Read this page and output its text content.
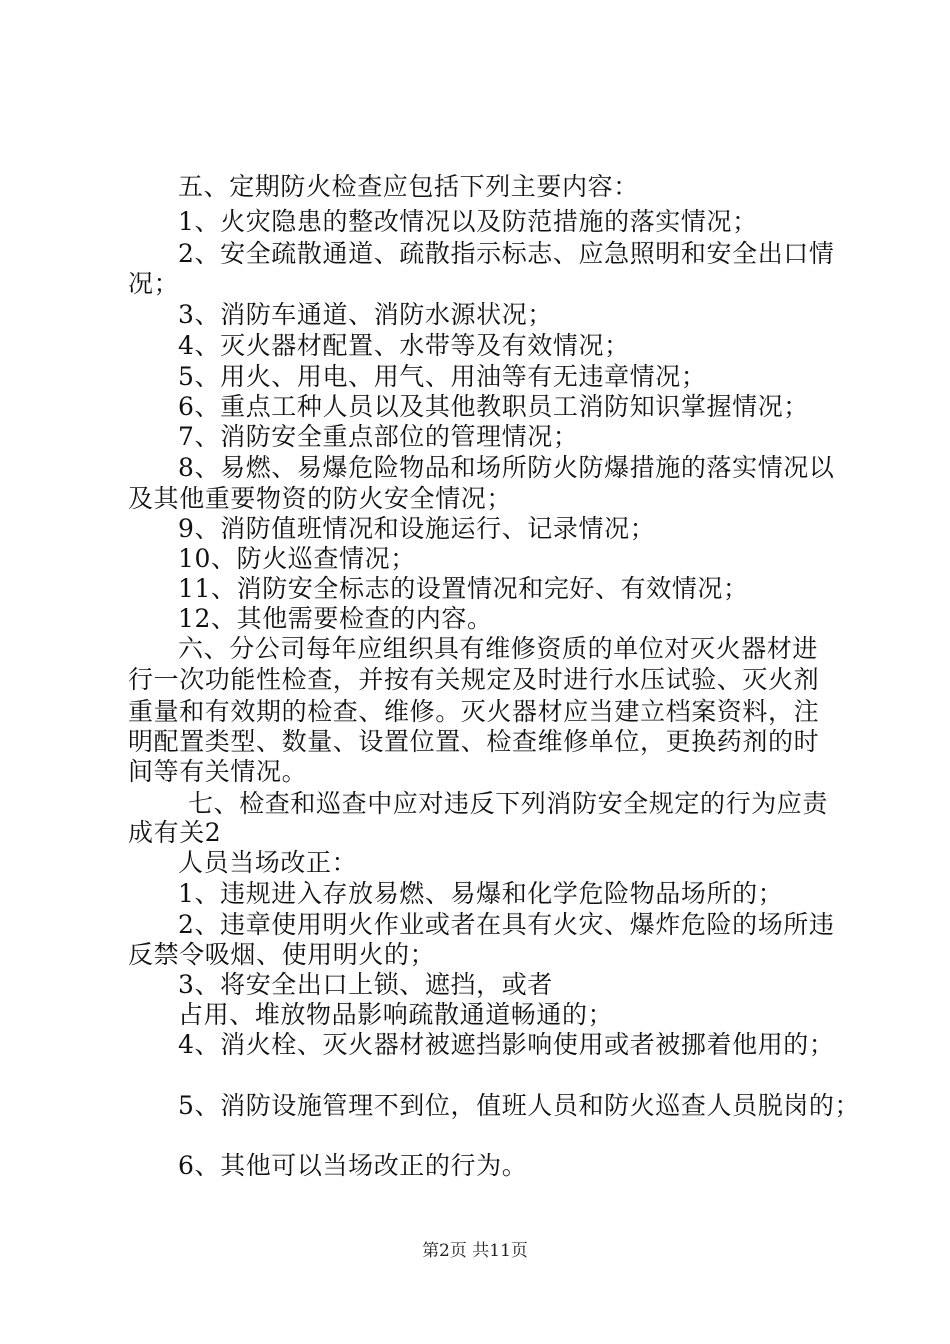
五、定期防火检查应包括下列主要内容：
1、火灾隐患的整改情况以及防范措施的落实情况；
2、安全疏散通道、疏散指示标志、应急照明和安全出口情
况；
3、消防车通道、消防水源状况；
4、灭火器材配置、水带等及有效情况；
5、用火、用电、用气、用油等有无违章情况；
6、重点工种人员以及其他教职员工消防知识掌握情况；
7、消防安全重点部位的管理情况；
8、易燃、易爆危险物品和场所防火防爆措施的落实情况以
及其他重要物资的防火安全情况；
9、消防值班情况和设施运行、记录情况；
10、防火巡查情况；
11、消防安全标志的设置情况和完好、有效情况；
12、其他需要检查的内容。
六、分公司每年应组织具有维修资质的单位对灭火器材进
行一次功能性检查，并按有关规定及时进行水压试验、灭火剂
重量和有效期的检查、维修。灭火器材应当建立档案资料，注
明配置类型、数量、设置位置、检查维修单位，更换药剂的时
间等有关情况。
七、检查和巡查中应对违反下列消防安全规定的行为应责
成有关2
人员当场改正：
1、违规进入存放易燃、易爆和化学危险物品场所的；
2、违章使用明火作业或者在具有火灾、爆炸危险的场所违
反禁令吸烟、使用明火的；
3、将安全出口上锁、遮挡，或者
占用、堆放物品影响疏散通道畅通的；
4、消火栓、灭火器材被遮挡影响使用或者被挪着他用的；
5、消防设施管理不到位，值班人员和防火巡查人员脱岗的；
6、其他可以当场改正的行为。
第2页 共11页
